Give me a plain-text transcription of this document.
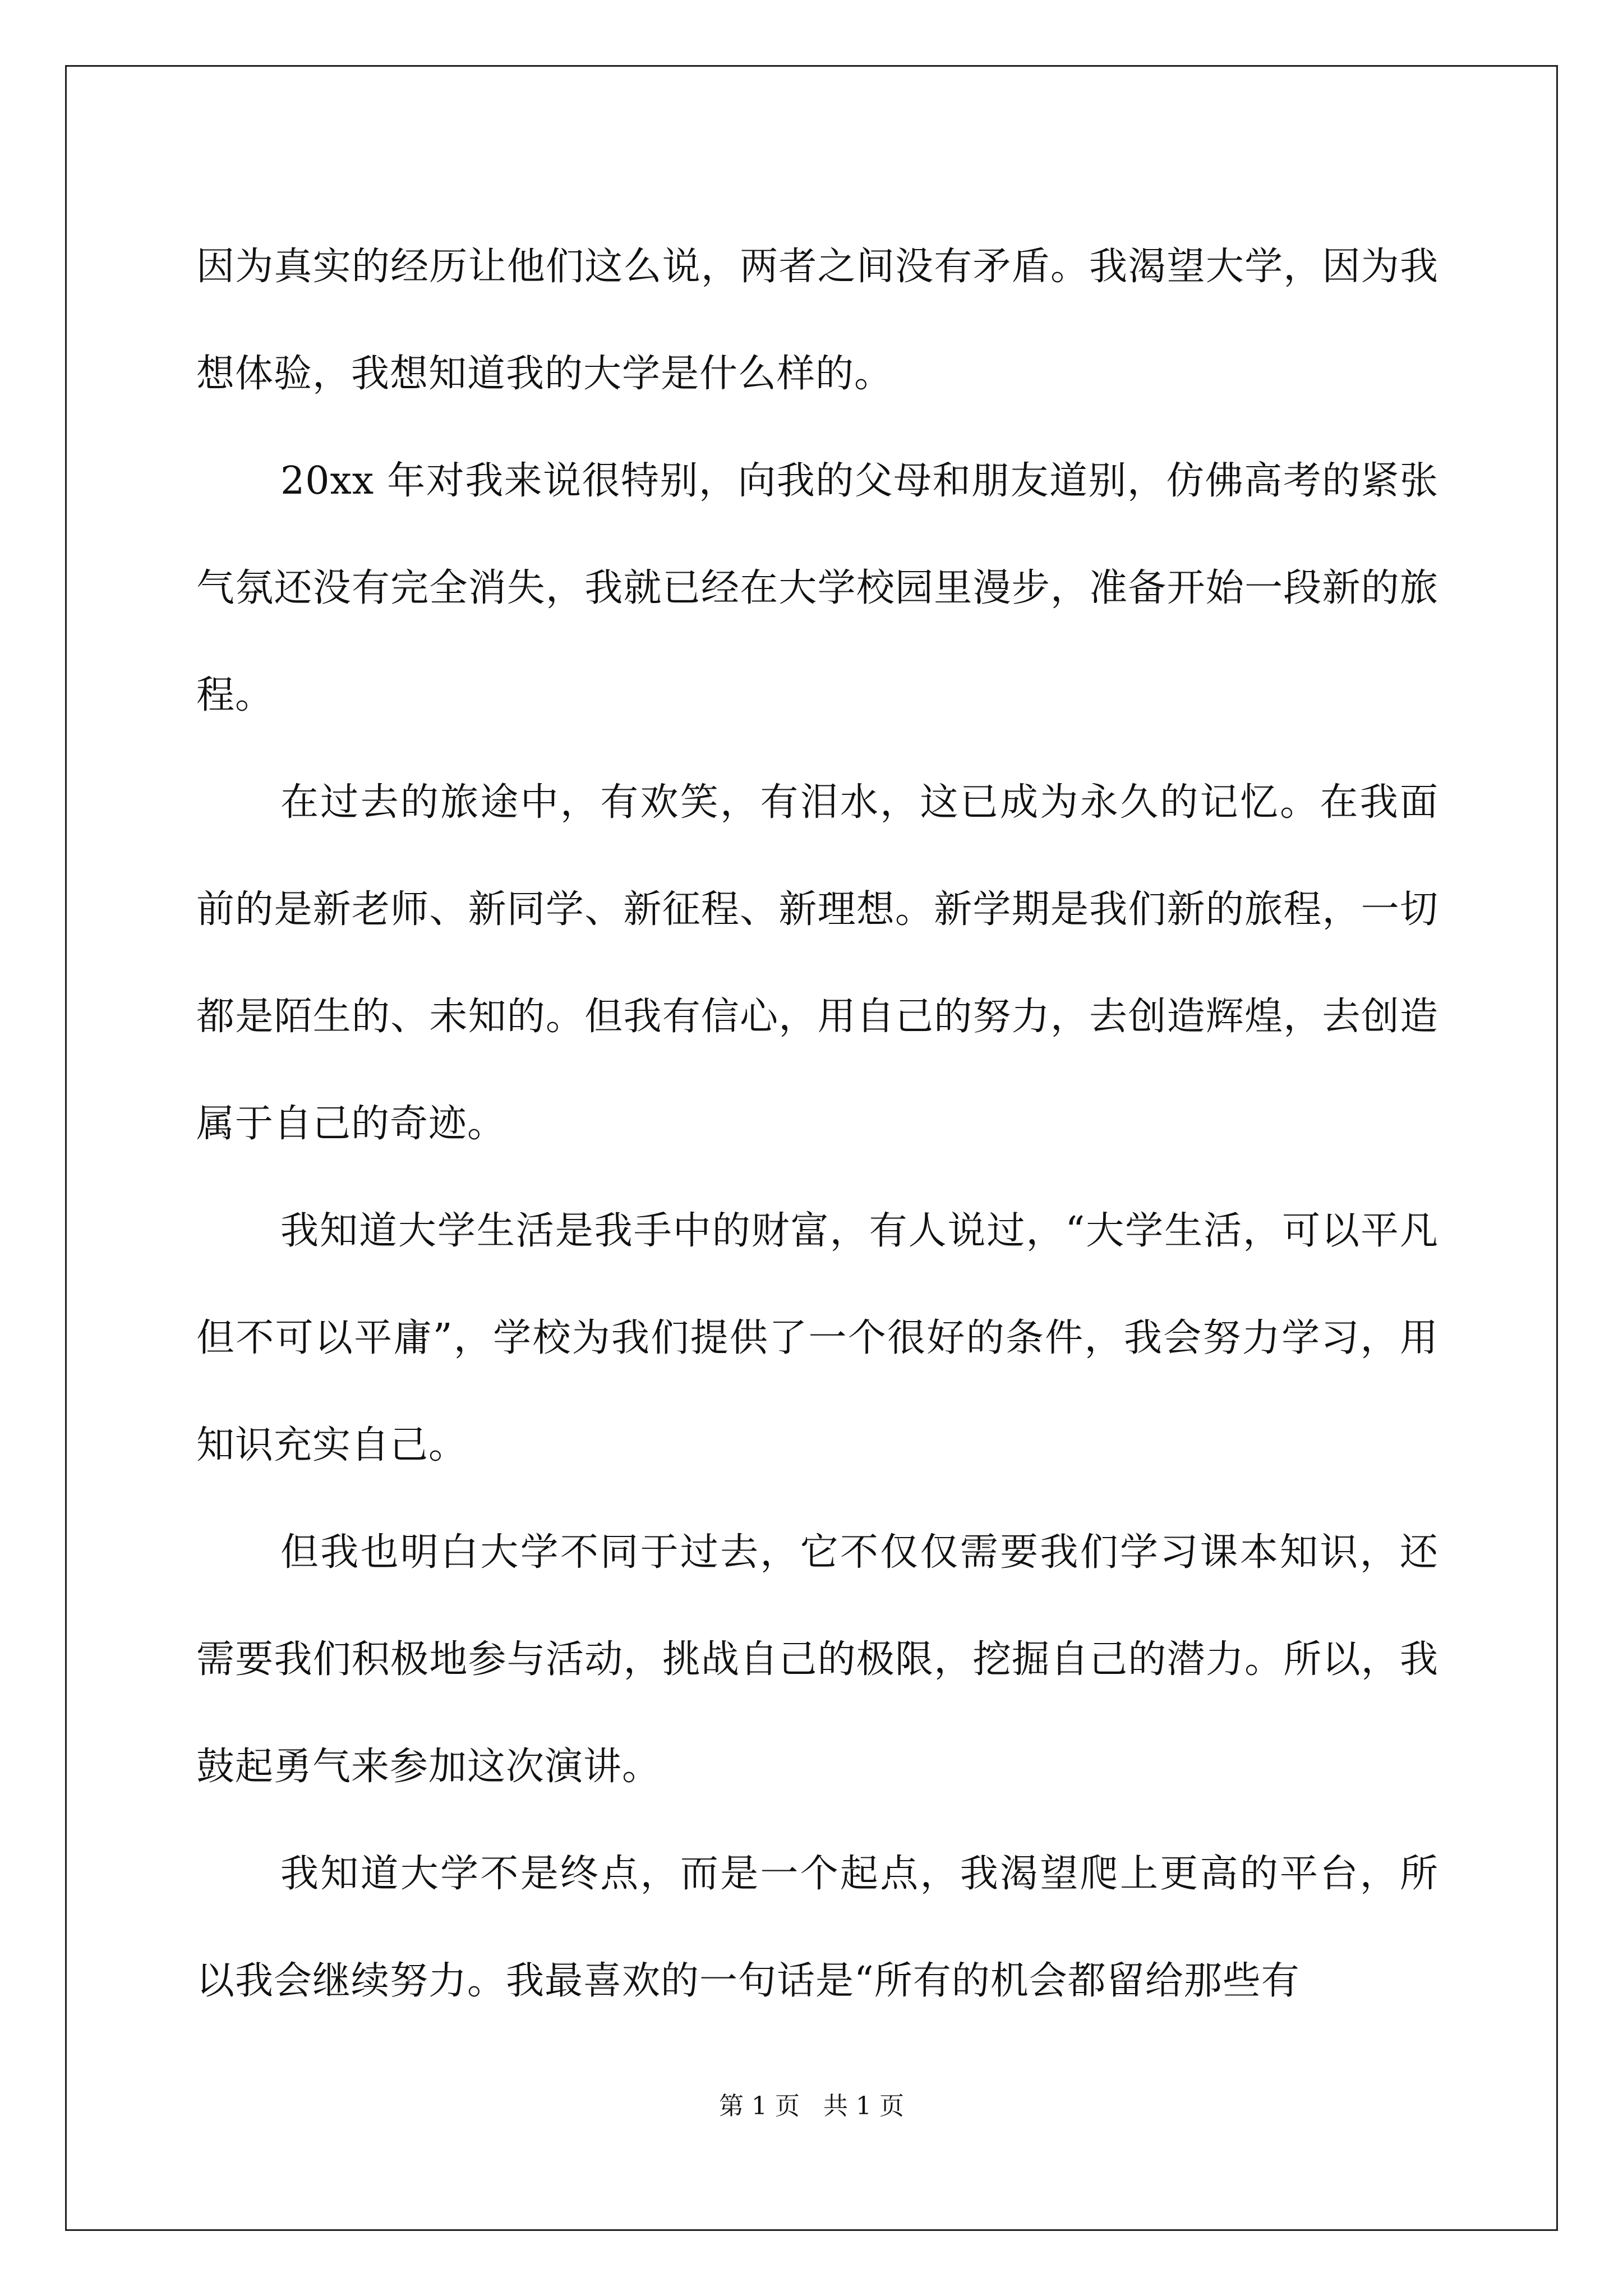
因为真实的经历让他们这么说，两者之间没有矛盾。我渴望大学，因为我想体验，我想知道我的大学是什么样的。

20xx 年对我来说很特别，向我的父母和朋友道别，仿佛高考的紧张气氛还没有完全消失，我就已经在大学校园里漫步，准备开始一段新的旅程。

在过去的旅途中，有欢笑，有泪水，这已成为永久的记忆。在我面前的是新老师、新同学、新征程、新理想。新学期是我们新的旅程，一切都是陌生的、未知的。但我有信心，用自己的努力，去创造辉煌，去创造属于自己的奇迹。

我知道大学生活是我手中的财富，有人说过，“大学生活，可以平凡但不可以平庸”，学校为我们提供了一个很好的条件，我会努力学习，用知识充实自己。

但我也明白大学不同于过去，它不仅仅需要我们学习课本知识，还需要我们积极地参与活动，挑战自己的极限，挖掘自己的潜力。所以，我鼓起勇气来参加这次演讲。

我知道大学不是终点，而是一个起点，我渴望爬上更高的平台，所以我会继续努力。我最喜欢的一句话是“所有的机会都留给那些有

第 1 页   共 1 页
